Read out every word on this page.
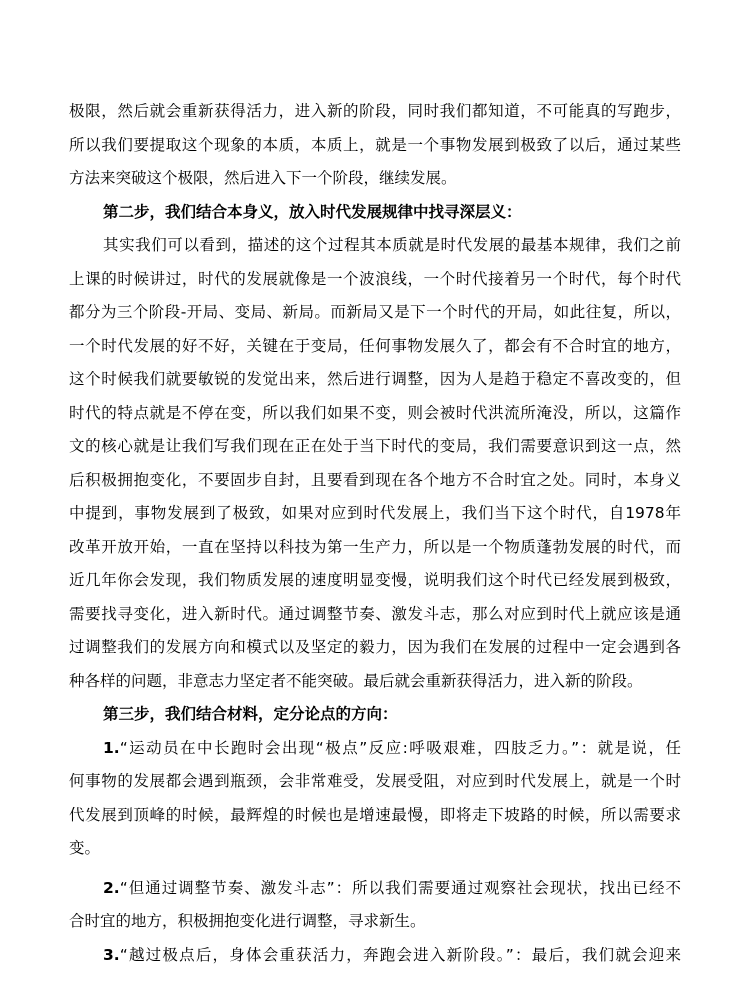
极限，然后就会重新获得活力，进入新的阶段，同时我们都知道，不可能真的写跑步，
所以我们要提取这个现象的本质，本质上，就是一个事物发展到极致了以后，通过某些
方法来突破这个极限，然后进入下一个阶段，继续发展。
第二步，我们结合本身义，放入时代发展规律中找寻深层义：
其实我们可以看到，描述的这个过程其本质就是时代发展的最基本规律，我们之前
上课的时候讲过，时代的发展就像是一个波浪线，一个时代接着另一个时代，每个时代
都分为三个阶段-开局、变局、新局。而新局又是下一个时代的开局，如此往复，所以，
一个时代发展的好不好，关键在于变局，任何事物发展久了，都会有不合时宜的地方，
这个时候我们就要敏锐的发觉出来，然后进行调整，因为人是趋于稳定不喜改变的，但
时代的特点就是不停在变，所以我们如果不变，则会被时代洪流所淹没，所以，这篇作
文的核心就是让我们写我们现在正在处于当下时代的变局，我们需要意识到这一点，然
后积极拥抱变化，不要固步自封，且要看到现在各个地方不合时宜之处。同时，本身义
中提到，事物发展到了极致，如果对应到时代发展上，我们当下这个时代，自1978年
改革开放开始，一直在坚持以科技为第一生产力，所以是一个物质蓬勃发展的时代，而
近几年你会发现，我们物质发展的速度明显变慢，说明我们这个时代已经发展到极致，
需要找寻变化，进入新时代。通过调整节奏、激发斗志，那么对应到时代上就应该是通
过调整我们的发展方向和模式以及坚定的毅力，因为我们在发展的过程中一定会遇到各
种各样的问题，非意志力坚定者不能突破。最后就会重新获得活力，进入新的阶段。
第三步，我们结合材料，定分论点的方向：
1.“运动员在中长跑时会出现“极点”反应:呼吸艰难，四肢乏力。”：就是说，任
何事物的发展都会遇到瓶颈，会非常难受，发展受阻，对应到时代发展上，就是一个时
代发展到顶峰的时候，最辉煌的时候也是增速最慢，即将走下坡路的时候，所以需要求
变。
2.“但通过调整节奏、激发斗志”：所以我们需要通过观察社会现状，找出已经不
合时宜的地方，积极拥抱变化进行调整，寻求新生。
3.“越过极点后，身体会重获活力，奔跑会进入新阶段。”：最后，我们就会迎来
